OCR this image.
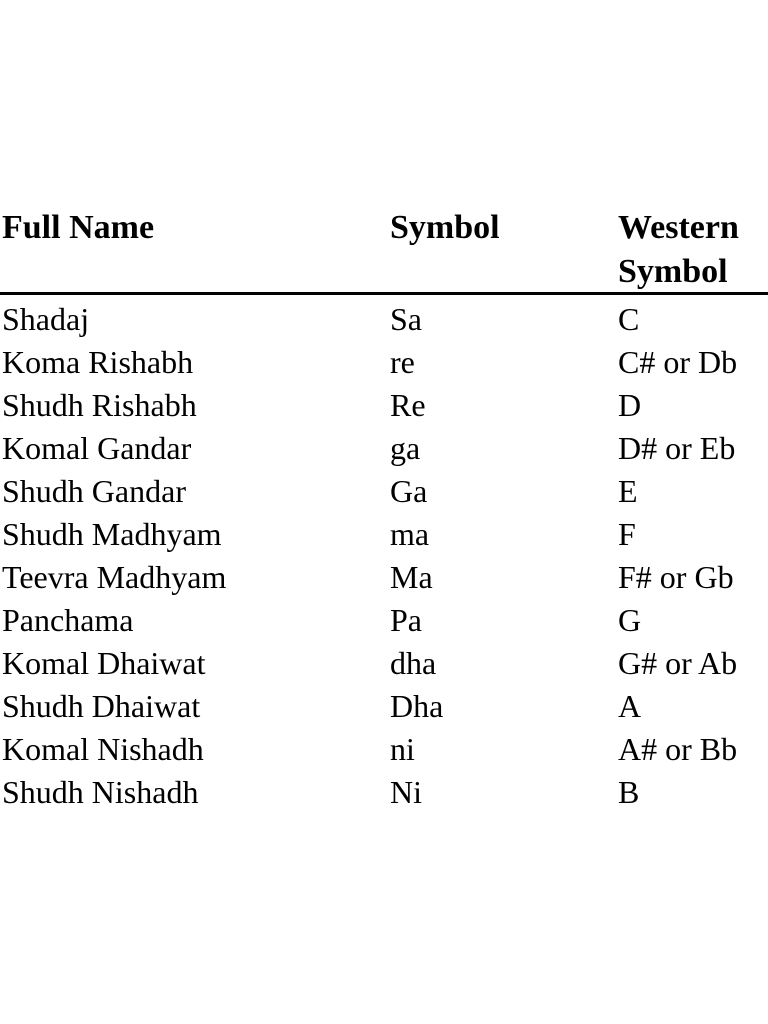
Full Name	Symbol	Western
Symbol
Shadaj	Sa	C
Koma Rishabh	re	C# or Db
Shudh Rishabh	Re	D
Komal Gandar	ga	D# or Eb
Shudh Gandar	Ga	E
Shudh Madhyam	ma	F
Teevra Madhyam	Ma	F# or Gb
Panchama	Pa	G
Komal Dhaiwat	dha	G# or Ab
Shudh Dhaiwat	Dha	A
Komal Nishadh	ni	A# or Bb
Shudh Nishadh	Ni	B
